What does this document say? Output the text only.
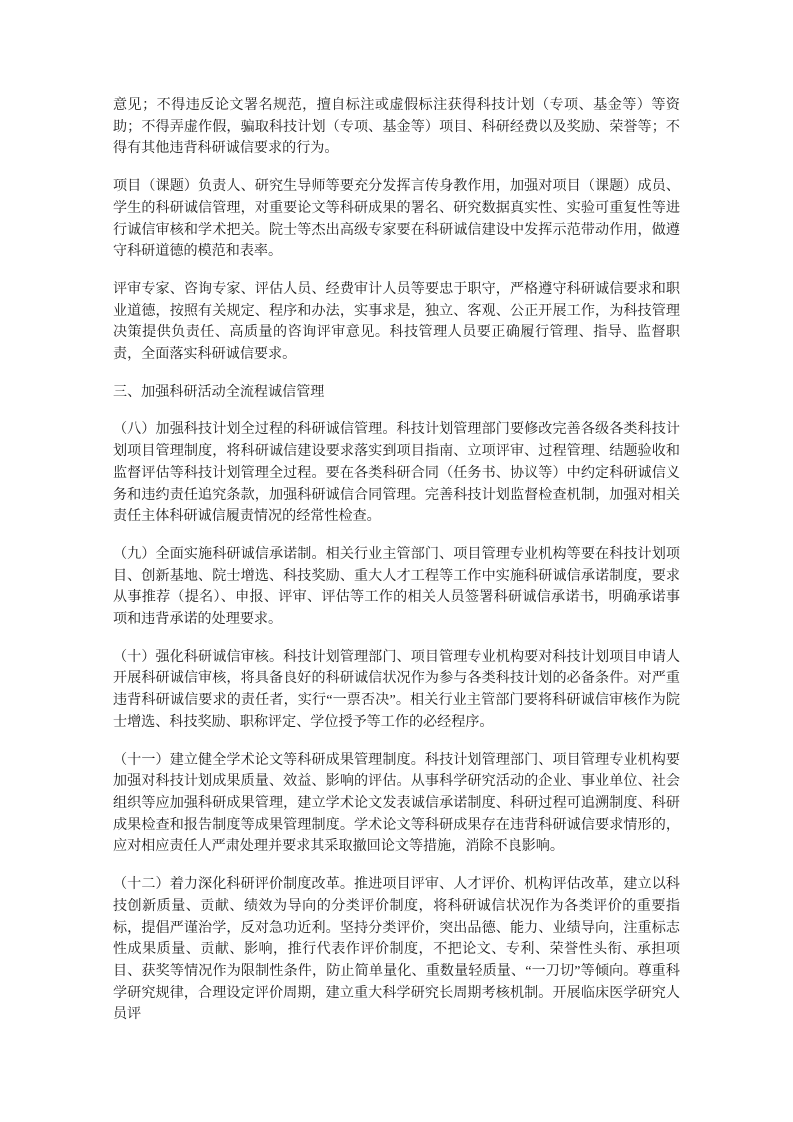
意见；不得违反论文署名规范，擅自标注或虚假标注获得科技计划（专项、基金等）等资助；不得弄虚作假，骗取科技计划（专项、基金等）项目、科研经费以及奖励、荣誉等；不得有其他违背科研诚信要求的行为。

项目（课题）负责人、研究生导师等要充分发挥言传身教作用，加强对项目（课题）成员、学生的科研诚信管理，对重要论文等科研成果的署名、研究数据真实性、实验可重复性等进行诚信审核和学术把关。院士等杰出高级专家要在科研诚信建设中发挥示范带动作用，做遵守科研道德的模范和表率。

评审专家、咨询专家、评估人员、经费审计人员等要忠于职守，严格遵守科研诚信要求和职业道德，按照有关规定、程序和办法，实事求是，独立、客观、公正开展工作，为科技管理决策提供负责任、高质量的咨询评审意见。科技管理人员要正确履行管理、指导、监督职责，全面落实科研诚信要求。

三、加强科研活动全流程诚信管理

（八）加强科技计划全过程的科研诚信管理。科技计划管理部门要修改完善各级各类科技计划项目管理制度，将科研诚信建设要求落实到项目指南、立项评审、过程管理、结题验收和监督评估等科技计划管理全过程。要在各类科研合同（任务书、协议等）中约定科研诚信义务和违约责任追究条款，加强科研诚信合同管理。完善科技计划监督检查机制，加强对相关责任主体科研诚信履责情况的经常性检查。

（九）全面实施科研诚信承诺制。相关行业主管部门、项目管理专业机构等要在科技计划项目、创新基地、院士增选、科技奖励、重大人才工程等工作中实施科研诚信承诺制度，要求从事推荐（提名）、申报、评审、评估等工作的相关人员签署科研诚信承诺书，明确承诺事项和违背承诺的处理要求。

（十）强化科研诚信审核。科技计划管理部门、项目管理专业机构要对科技计划项目申请人开展科研诚信审核，将具备良好的科研诚信状况作为参与各类科技计划的必备条件。对严重违背科研诚信要求的责任者，实行“一票否决”。相关行业主管部门要将科研诚信审核作为院士增选、科技奖励、职称评定、学位授予等工作的必经程序。

（十一）建立健全学术论文等科研成果管理制度。科技计划管理部门、项目管理专业机构要加强对科技计划成果质量、效益、影响的评估。从事科学研究活动的企业、事业单位、社会组织等应加强科研成果管理，建立学术论文发表诚信承诺制度、科研过程可追溯制度、科研成果检查和报告制度等成果管理制度。学术论文等科研成果存在违背科研诚信要求情形的，应对相应责任人严肃处理并要求其采取撤回论文等措施，消除不良影响。

（十二）着力深化科研评价制度改革。推进项目评审、人才评价、机构评估改革，建立以科技创新质量、贡献、绩效为导向的分类评价制度，将科研诚信状况作为各类评价的重要指标，提倡严谨治学，反对急功近利。坚持分类评价，突出品德、能力、业绩导向，注重标志性成果质量、贡献、影响，推行代表作评价制度，不把论文、专利、荣誉性头衔、承担项目、获奖等情况作为限制性条件，防止简单量化、重数量轻质量、“一刀切”等倾向。尊重科学研究规律，合理设定评价周期，建立重大科学研究长周期考核机制。开展临床医学研究人员评
